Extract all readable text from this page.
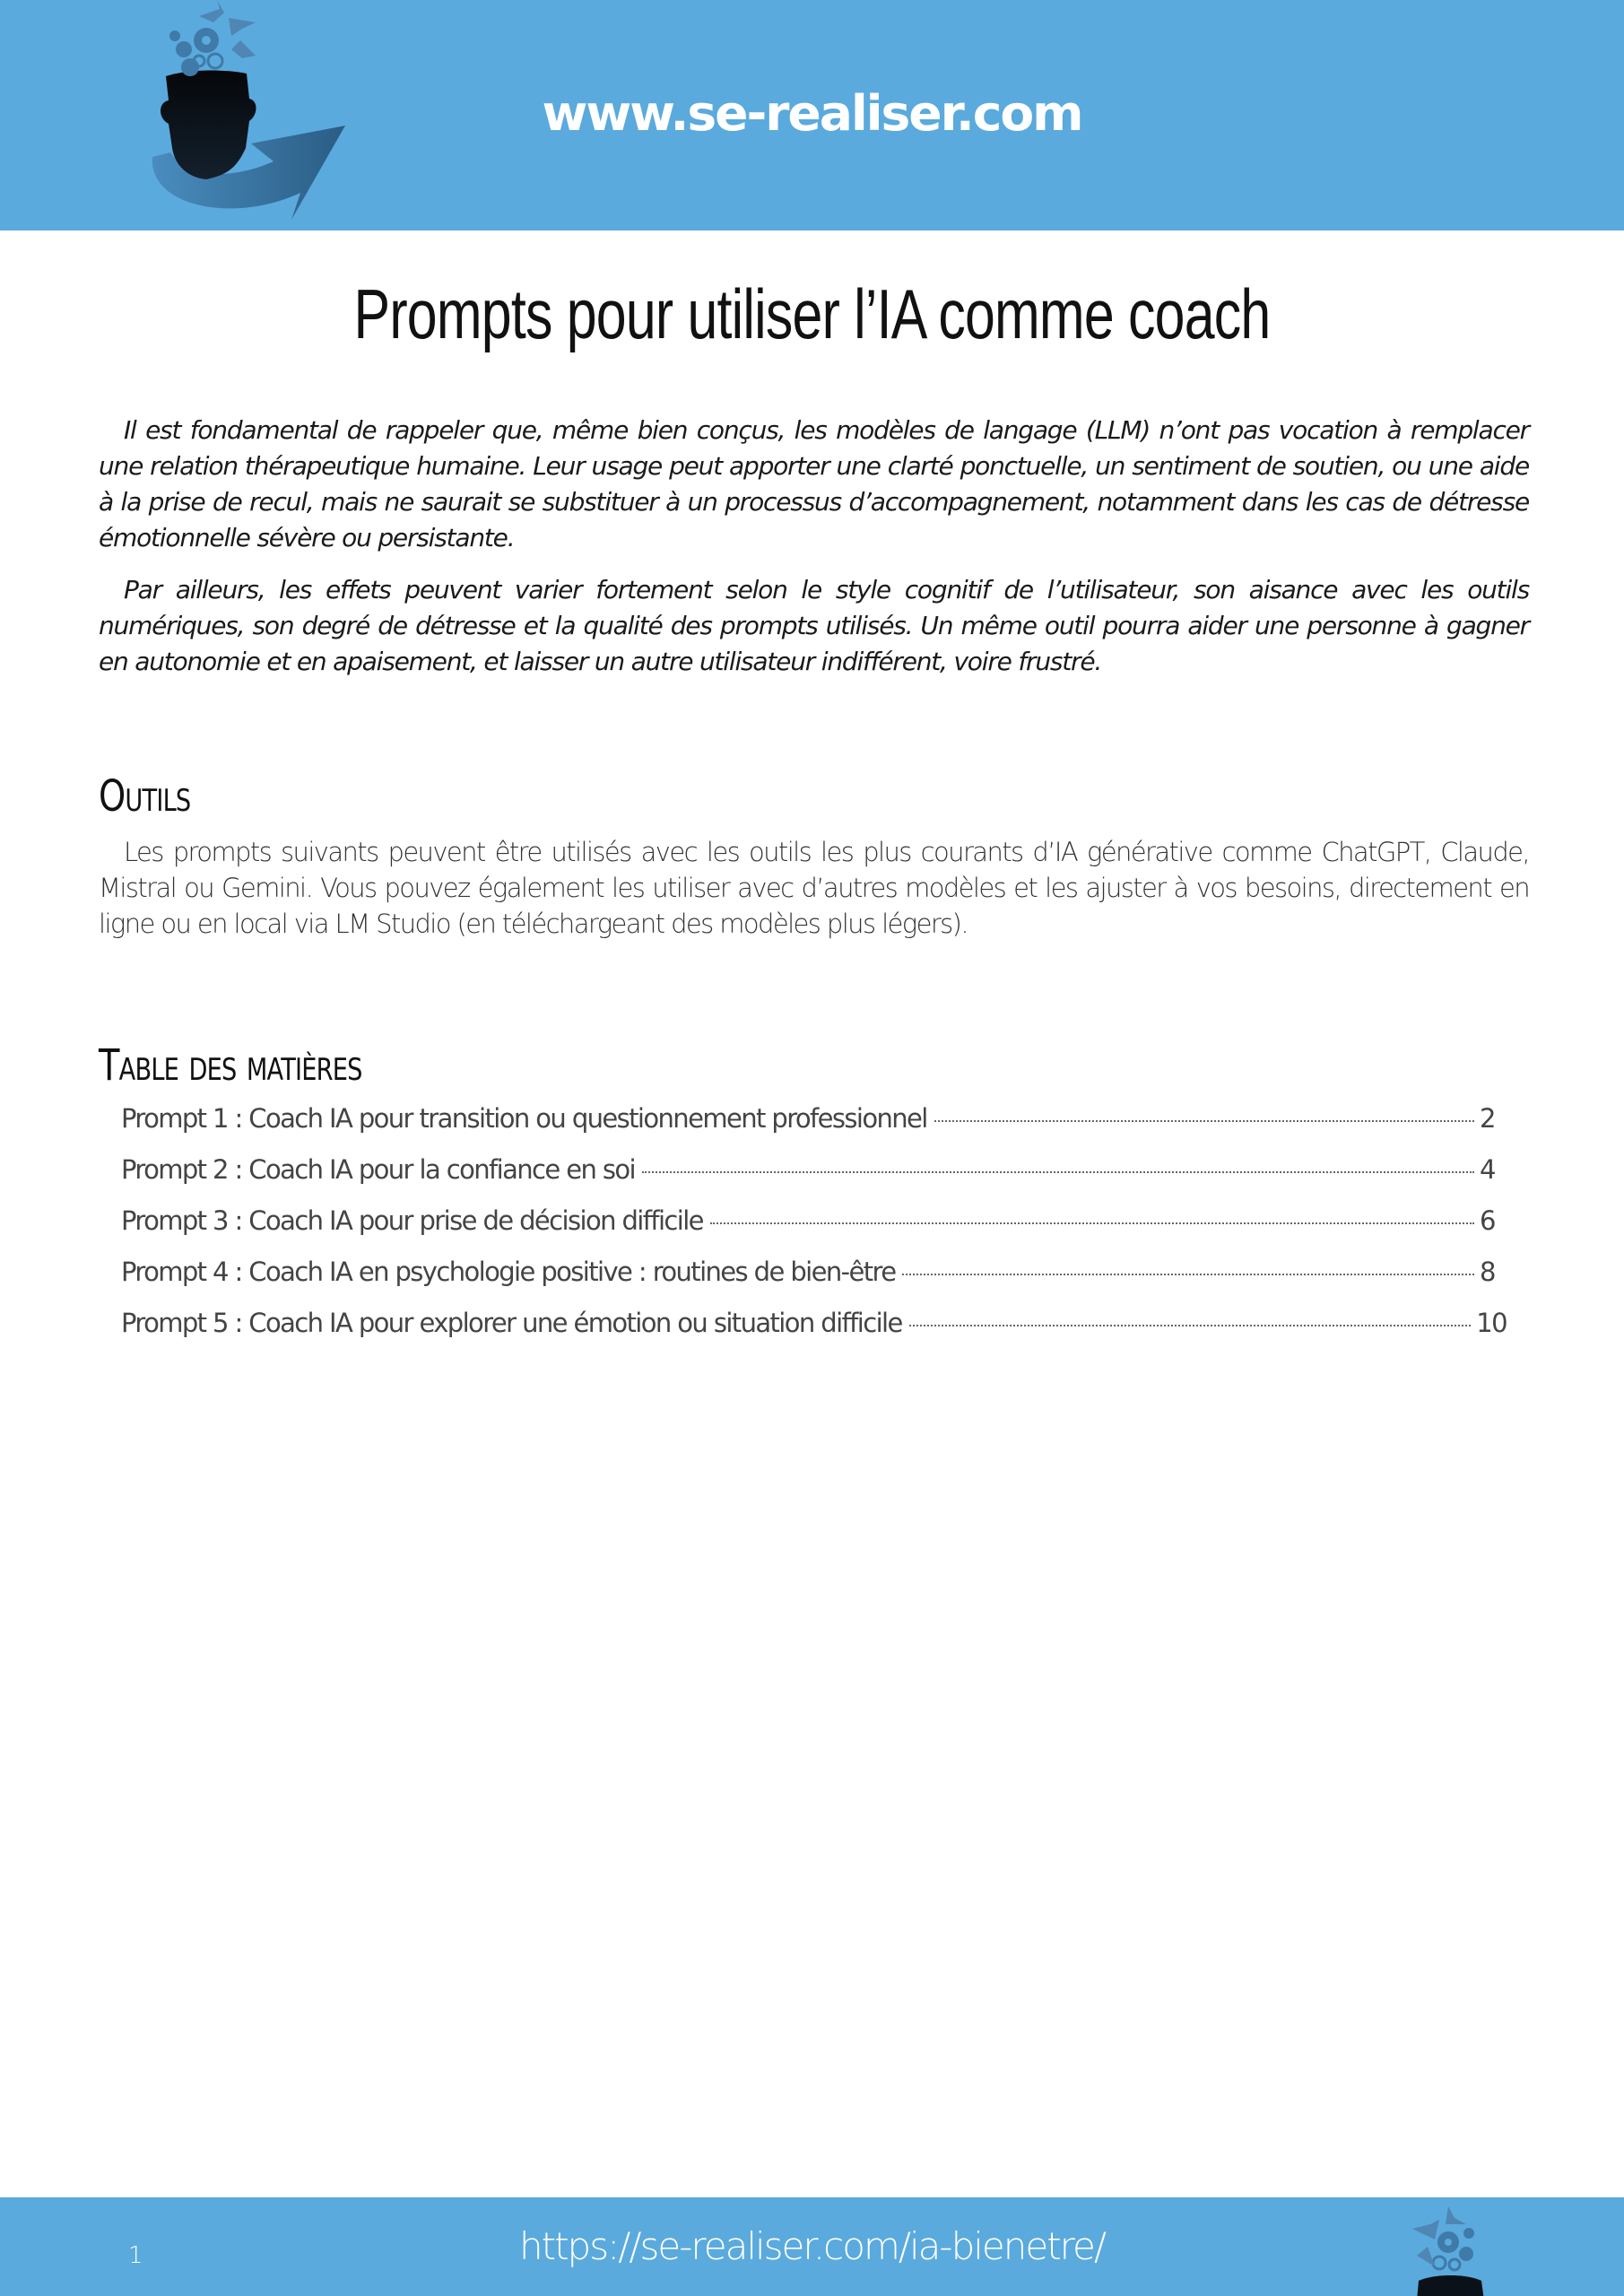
www.se-realiser.com
Prompts pour utiliser l’IA comme coach

Il est fondamental de rappeler que, même bien conçus, les modèles de langage (LLM) n’ont pas vocation à remplacer une relation thérapeutique humaine. Leur usage peut apporter une clarté ponctuelle, un sentiment de soutien, ou une aide à la prise de recul, mais ne saurait se substituer à un processus d’accompagnement, notamment dans les cas de détresse émotionnelle sévère ou persistante.

Par ailleurs, les effets peuvent varier fortement selon le style cognitif de l’utilisateur, son aisance avec les outils numériques, son degré de détresse et la qualité des prompts utilisés. Un même outil pourra aider une personne à gagner en autonomie et en apaisement, et laisser un autre utilisateur indifférent, voire frustré.

Outils
Les prompts suivants peuvent être utilisés avec les outils les plus courants d’IA générative comme ChatGPT, Claude, Mistral ou Gemini. Vous pouvez également les utiliser avec d’autres modèles et les ajuster à vos besoins, directement en ligne ou en local via LM Studio (en téléchargeant des modèles plus légers).
Table des matières
Prompt 1 : Coach IA pour transition ou questionnement professionnel	2
Prompt 2 : Coach IA pour la confiance en soi	4
Prompt 3 : Coach IA pour prise de décision difficile	6
Prompt 4 : Coach IA en psychologie positive : routines de bien-être	8
Prompt 5 : Coach IA pour explorer une émotion ou situation difficile	10
1	https://se-realiser.com/ia-bienetre/
